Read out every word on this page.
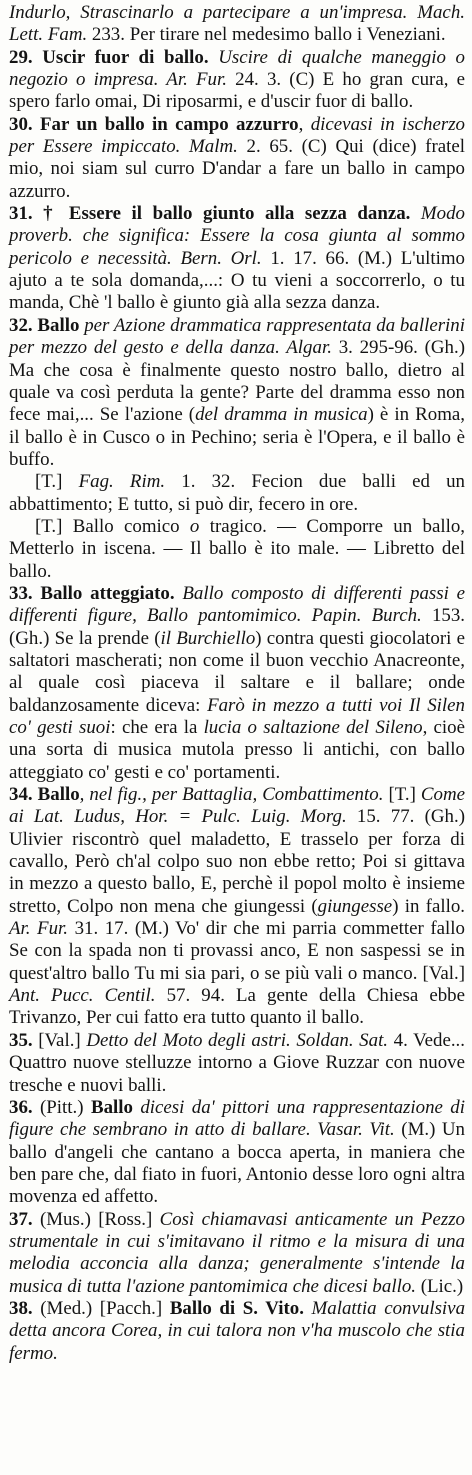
Indurlo, Strascinarlo a partecipare a un'impresa. Mach. Lett. Fam. 233. Per tirare nel medesimo ballo i Veneziani.

29. Uscir fuor di ballo. Uscire di qualche maneggio o negozio o impresa. Ar. Fur. 24. 3. (C) E ho gran cura, e spero farlo omai, Di riposarmi, e d'uscir fuor di ballo.

30. Far un ballo in campo azzurro, dicevasi in ischerzo per Essere impiccato. Malm. 2. 65. (C) Qui (dice) fratel mio, noi siam sul curro D'andar a fare un ballo in campo azzurro.

31. † Essere il ballo giunto alla sezza danza. Modo proverb. che significa: Essere la cosa giunta al sommo pericolo e necessità. Bern. Orl. 1. 17. 66. (M.) L'ultimo ajuto a te sola domanda,...: O tu vieni a soccorrerlo, o tu manda, Chè 'l ballo è giunto già alla sezza danza.

32. Ballo per Azione drammatica rappresentata da ballerini per mezzo del gesto e della danza. Algar. 3. 295-96. (Gh.) Ma che cosa è finalmente questo nostro ballo, dietro al quale va così perduta la gente? Parte del dramma esso non fece mai,... Se l'azione (del dramma in musica) è in Roma, il ballo è in Cusco o in Pechino; seria è l'Opera, e il ballo è buffo.

[T.] Fag. Rim. 1. 32. Fecion due balli ed un abbattimento; E tutto, si può dir, fecero in ore.

[T.] Ballo comico o tragico. — Comporre un ballo, Metterlo in iscena. — Il ballo è ito male. — Libretto del ballo.

33. Ballo atteggiato. Ballo composto di differenti passi e differenti figure, Ballo pantomimico. Papin. Burch. 153. (Gh.) Se la prende (il Burchiello) contra questi giocolatori e saltatori mascherati; non come il buon vecchio Anacreonte, al quale così piaceva il saltare e il ballare; onde baldanzosamente diceva: Farò in mezzo a tutti voi Il Silen co' gesti suoi: che era la lucia o saltazione del Sileno, cioè una sorta di musica mutola presso li antichi, con ballo atteggiato co' gesti e co' portamenti.

34. Ballo, nel fig., per Battaglia, Combattimento. [T.] Come ai Lat. Ludus, Hor. = Pulc. Luig. Morg. 15. 77. (Gh.) Ulivier riscontrò quel maladetto, E trasselo per forza di cavallo, Però ch'al colpo suo non ebbe retto; Poi si gittava in mezzo a questo ballo, E, perchè il popol molto è insieme stretto, Colpo non mena che giungessi (giungesse) in fallo. Ar. Fur. 31. 17. (M.) Vo' dir che mi parria commetter fallo Se con la spada non ti provassi anco, E non saspessi se in quest'altro ballo Tu mi sia pari, o se più vali o manco. [Val.] Ant. Pucc. Centil. 57. 94. La gente della Chiesa ebbe Trivanzo, Per cui fatto era tutto quanto il ballo.

35. [Val.] Detto del Moto degli astri. Soldan. Sat. 4. Vede... Quattro nuove stelluzze intorno a Giove Ruzzar con nuove tresche e nuovi balli.

36. (Pitt.) Ballo dicesi da' pittori una rappresentazione di figure che sembrano in atto di ballare. Vasar. Vit. (M.) Un ballo d'angeli che cantano a bocca aperta, in maniera che ben pare che, dal fiato in fuori, Antonio desse loro ogni altra movenza ed affetto.

37. (Mus.) [Ross.] Così chiamavasi anticamente un Pezzo strumentale in cui s'imitavano il ritmo e la misura di una melodia acconcia alla danza; generalmente s'intende la musica di tutta l'azione pantomimica che dicesi ballo. (Lic.)

38. (Med.) [Pacch.] Ballo di S. Vito. Malattia convulsiva detta ancora Corea, in cui talora non v'ha muscolo che stia fermo.
